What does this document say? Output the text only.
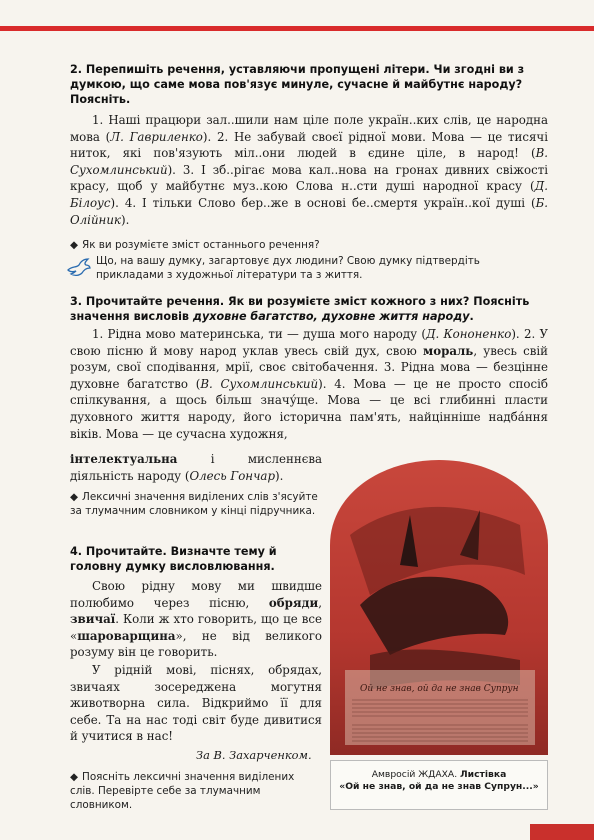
2. Перепишіть речення, уставляючи пропущені літери. Чи згодні ви з думкою, що саме мова пов'язує минуле, сучасне й майбутнє народу? Поясніть.
1. Наші працюри зал..шили нам ціле поле україн..ких слів, це народна мова (Л. Гавриленко). 2. Не забувай своєї рідної мови. Мова — це тисячі ниток, які пов'язують міл..они людей в єдине ціле, в народ! (В. Сухомлинський). 3. І зб..рігає мова кал..нова на гронах дивних свіжості красу, щоб у майбутнє муз..кою Слова н..сти душі народної красу (Д. Білоус). 4. І тільки Слово бер..же в основі бе..смертя україн..кої душі (Б. Олійник).
◆ Як ви розумієте зміст останнього речення?
Що, на вашу думку, загартовує дух людини? Свою думку підтвердіть прикладами з художньої літератури та з життя.
3. Прочитайте речення. Як ви розумієте зміст кожного з них? Поясніть значення висловів духовне багатство, духовне життя народу.
1. Рідна мово материнська, ти — душа мого народу (Д. Кононенко). 2. У свою пісню й мову народ уклав увесь свій дух, свою мораль, увесь свій розум, свої сподівання, мрії, своє світобачення. 3. Рідна мова — безцінне духовне багатство (В. Сухомлинський). 4. Мова — це не просто спосіб спілкування, а щось більш значу́ще. Мова — це всі глибинні пласти духовного життя народу, його історична пам'ять, найцінніше надба́ння віків. Мова — це сучасна художня,
інтелектуальна і мисленнєва діяльність народу (Олесь Гончар).
◆ Лексичні значення виділених слів з'ясуйте за тлумачним словником у кінці підручника.
4. Прочитайте. Визначте тему й головну думку висловлювання.
Свою рідну мову ми швидше полюбимо через пісню, обряди, звичаї. Коли ж хто говорить, що це все «шароварщина», не від великого розуму він це говорить.
У рідній мові, піснях, обрядах, звичаях зосереджена могутня животворна сила. Відкриймо її для себе. Та на нас тоді світ буде дивитися й учитися в нас!
За В. Захарченком.
◆ Поясніть лексичні значення виділених слів. Перевірте себе за тлумачним словником.
Ой не знав, ой да не знав Супрун
Амвросій ЖДАХА. Листівка
«Ой не знав, ой да не знав Супрун...»
